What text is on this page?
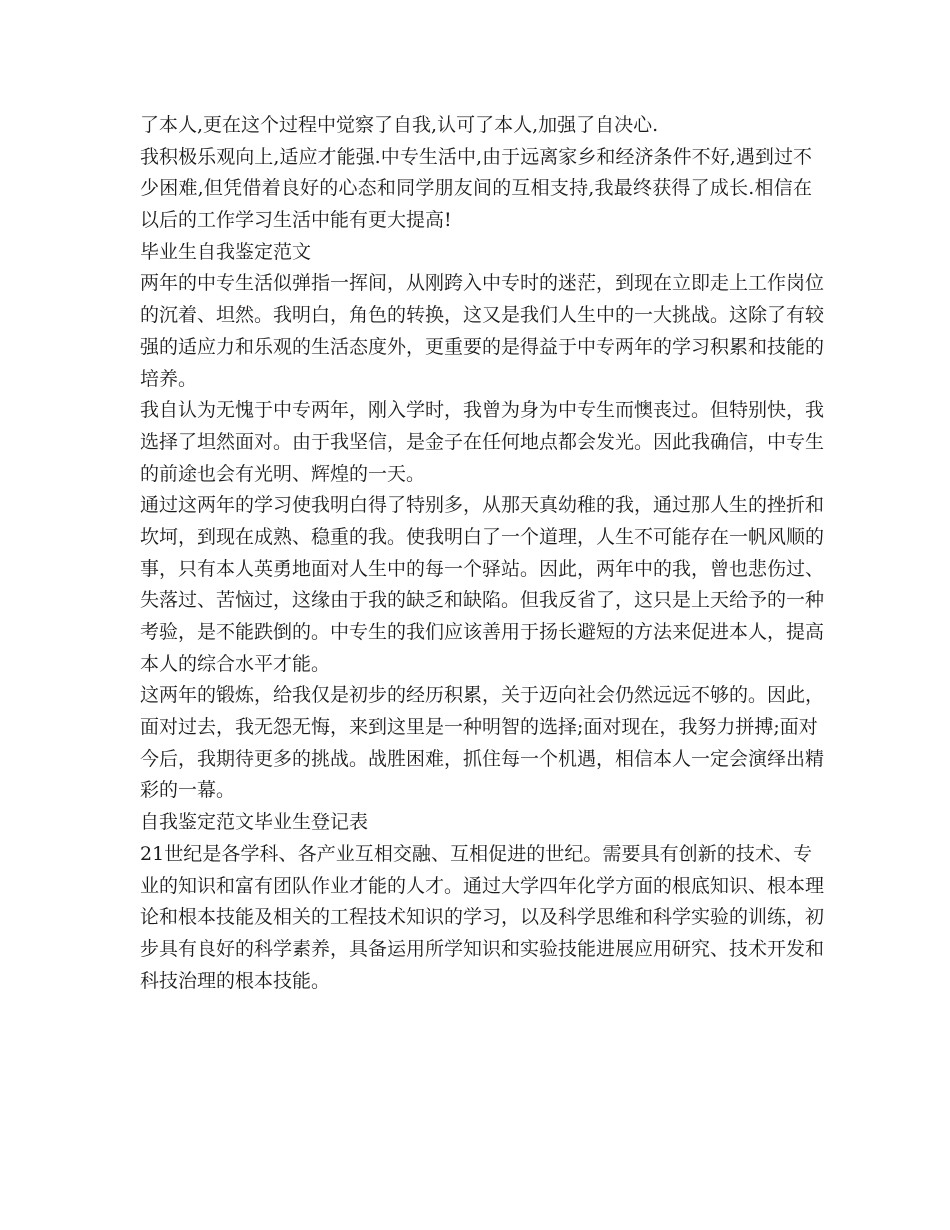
了本人,更在这个过程中觉察了自我,认可了本人,加强了自决心.
我积极乐观向上,适应才能强.中专生活中,由于远离家乡和经济条件不好,遇到过不
少困难,但凭借着良好的心态和同学朋友间的互相支持,我最终获得了成长.相信在
以后的工作学习生活中能有更大提高!
毕业生自我鉴定范文
两年的中专生活似弹指一挥间，从刚跨入中专时的迷茫，到现在立即走上工作岗位
的沉着、坦然。我明白，角色的转换，这又是我们人生中的一大挑战。这除了有较
强的适应力和乐观的生活态度外，更重要的是得益于中专两年的学习积累和技能的
培养。
我自认为无愧于中专两年，刚入学时，我曾为身为中专生而懊丧过。但特别快，我
选择了坦然面对。由于我坚信，是金子在任何地点都会发光。因此我确信，中专生
的前途也会有光明、辉煌的一天。
通过这两年的学习使我明白得了特别多，从那天真幼稚的我，通过那人生的挫折和
坎坷，到现在成熟、稳重的我。使我明白了一个道理，人生不可能存在一帆风顺的
事，只有本人英勇地面对人生中的每一个驿站。因此，两年中的我，曾也悲伤过、
失落过、苦恼过，这缘由于我的缺乏和缺陷。但我反省了，这只是上天给予的一种
考验，是不能跌倒的。中专生的我们应该善用于扬长避短的方法来促进本人，提高
本人的综合水平才能。
这两年的锻炼，给我仅是初步的经历积累，关于迈向社会仍然远远不够的。因此，
面对过去，我无怨无悔，来到这里是一种明智的选择;面对现在，我努力拼搏;面对
今后，我期待更多的挑战。战胜困难，抓住每一个机遇，相信本人一定会演绎出精
彩的一幕。
自我鉴定范文毕业生登记表
21世纪是各学科、各产业互相交融、互相促进的世纪。需要具有创新的技术、专
业的知识和富有团队作业才能的人才。通过大学四年化学方面的根底知识、根本理
论和根本技能及相关的工程技术知识的学习，以及科学思维和科学实验的训练，初
步具有良好的科学素养，具备运用所学知识和实验技能进展应用研究、技术开发和
科技治理的根本技能。
